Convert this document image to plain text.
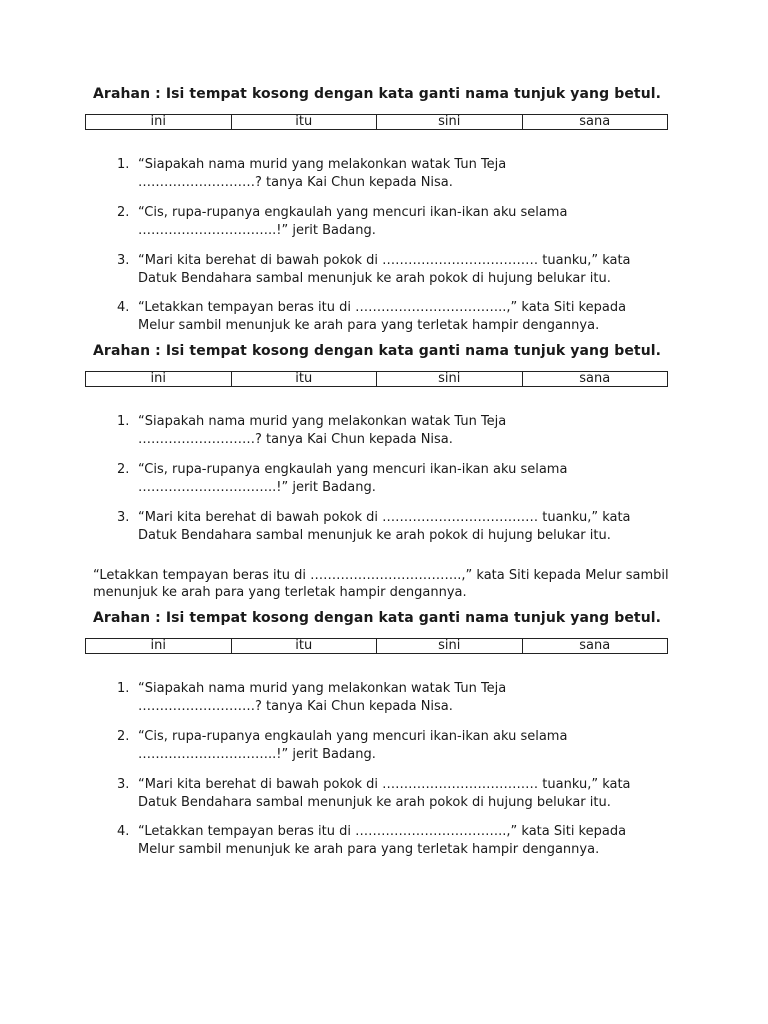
Arahan : Isi tempat kosong dengan kata ganti nama tunjuk yang betul.
ini	itu	sini	sana
1. “Siapakah nama murid yang melakonkan watak Tun Teja
………………………? tanya Kai Chun kepada Nisa.
2. “Cis, rupa-rupanya engkaulah yang mencuri ikan-ikan aku selama
…………………………..!” jerit Badang.
3. “Mari kita berehat di bawah pokok di ……………………………… tuanku,” kata
Datuk Bendahara sambal menunjuk ke arah pokok di hujung belukar itu.
4. “Letakkan tempayan beras itu di ……………………………..,” kata Siti kepada
Melur sambil menunjuk ke arah para yang terletak hampir dengannya.
Arahan : Isi tempat kosong dengan kata ganti nama tunjuk yang betul.
ini	itu	sini	sana
1. “Siapakah nama murid yang melakonkan watak Tun Teja
………………………? tanya Kai Chun kepada Nisa.
2. “Cis, rupa-rupanya engkaulah yang mencuri ikan-ikan aku selama
…………………………..!” jerit Badang.
3. “Mari kita berehat di bawah pokok di ……………………………… tuanku,” kata
Datuk Bendahara sambal menunjuk ke arah pokok di hujung belukar itu.
“Letakkan tempayan beras itu di ……………………………..,” kata Siti kepada Melur sambil menunjuk ke arah para yang terletak hampir dengannya.
Arahan : Isi tempat kosong dengan kata ganti nama tunjuk yang betul.
ini	itu	sini	sana
1. “Siapakah nama murid yang melakonkan watak Tun Teja
………………………? tanya Kai Chun kepada Nisa.
2. “Cis, rupa-rupanya engkaulah yang mencuri ikan-ikan aku selama
…………………………..!” jerit Badang.
3. “Mari kita berehat di bawah pokok di ……………………………… tuanku,” kata
Datuk Bendahara sambal menunjuk ke arah pokok di hujung belukar itu.
4. “Letakkan tempayan beras itu di ……………………………..,” kata Siti kepada
Melur sambil menunjuk ke arah para yang terletak hampir dengannya.
